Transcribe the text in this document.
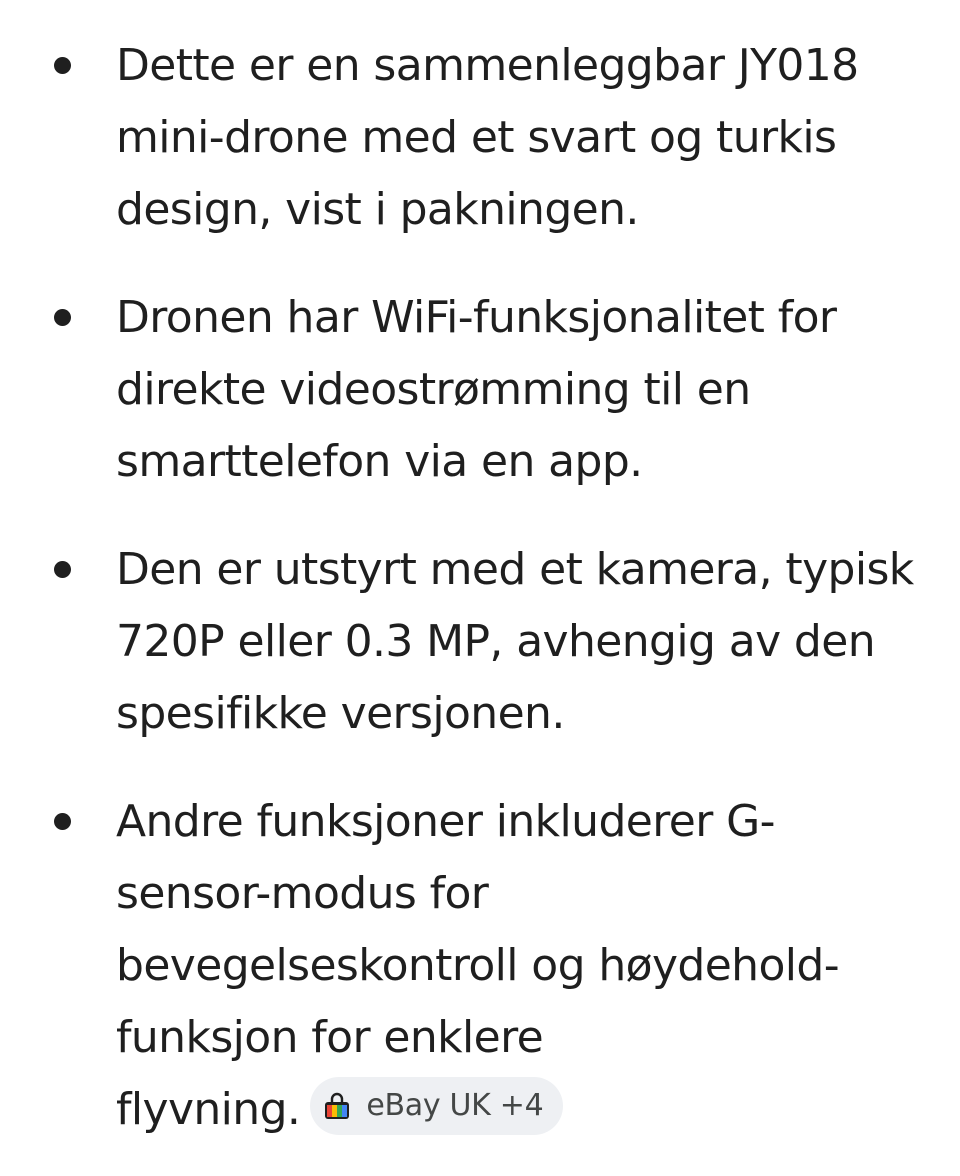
Dette er en sammenleggbar JY018
mini-drone med et svart og turkis
design, vist i pakningen.
Dronen har WiFi-funksjonalitet for
direkte videostrømming til en
smarttelefon via en app.
Den er utstyrt med et kamera, typisk
720P eller 0.3 MP, avhengig av den
spesifikke versjonen.
Andre funksjoner inkluderer G-
sensor-modus for
bevegelseskontroll og høydehold-
funksjon for enklere
flyvning. eBay UK +4
